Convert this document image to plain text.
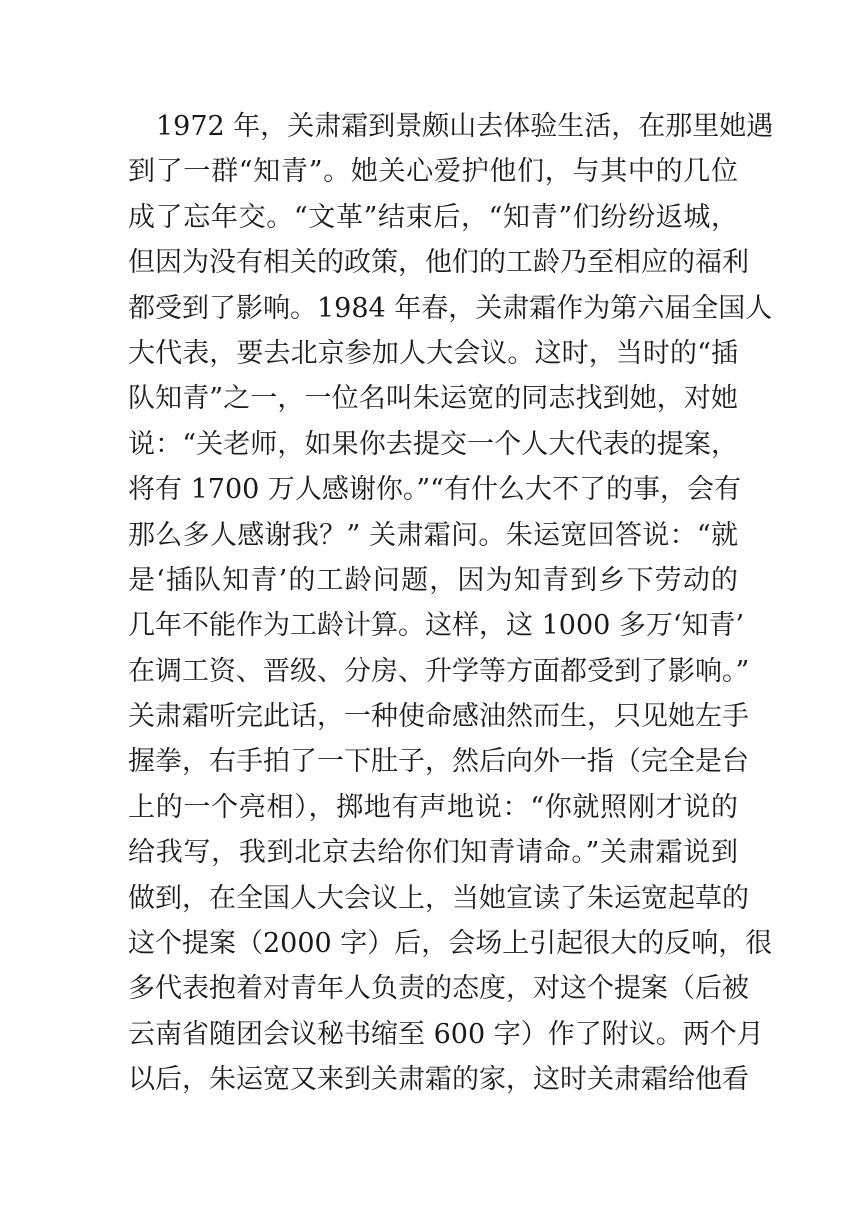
1972 年，关肃霜到景颇山去体验生活，在那里她遇
到了一群“知青”。她关心爱护他们，与其中的几位
成了忘年交。“文革”结束后，“知青”们纷纷返城，
但因为没有相关的政策，他们的工龄乃至相应的福利
都受到了影响。1984 年春，关肃霜作为第六届全国人
大代表，要去北京参加人大会议。这时，当时的“插
队知青”之一，一位名叫朱运宽的同志找到她，对她
说：“关老师，如果你去提交一个人大代表的提案，
将有 1700 万人感谢你。”“有什么大不了的事，会有
那么多人感谢我？” 关肃霜问。朱运宽回答说：“就
是‘插队知青’的工龄问题，因为知青到乡下劳动的
几年不能作为工龄计算。这样，这 1000 多万‘知青’
在调工资、晋级、分房、升学等方面都受到了影响。”
关肃霜听完此话，一种使命感油然而生，只见她左手
握拳，右手拍了一下肚子，然后向外一指（完全是台
上的一个亮相），掷地有声地说：“你就照刚才说的
给我写，我到北京去给你们知青请命。”关肃霜说到
做到，在全国人大会议上，当她宣读了朱运宽起草的
这个提案（2000 字）后，会场上引起很大的反响，很
多代表抱着对青年人负责的态度，对这个提案（后被
云南省随团会议秘书缩至 600 字）作了附议。两个月
以后，朱运宽又来到关肃霜的家，这时关肃霜给他看
